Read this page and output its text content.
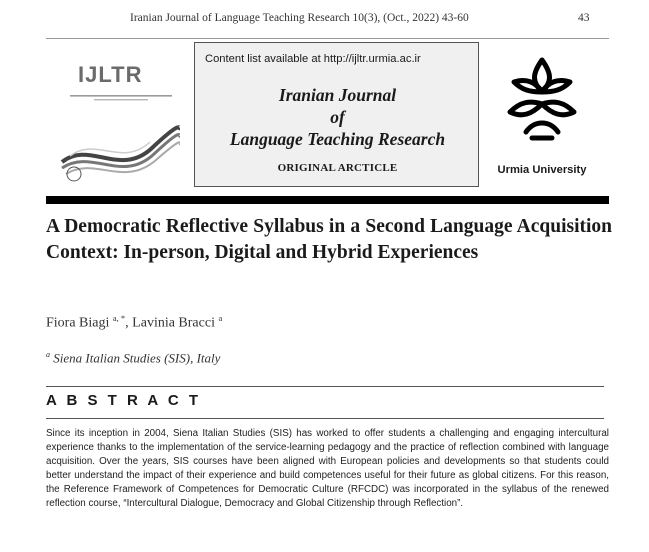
Iranian Journal of Language Teaching Research 10(3), (Oct., 2022) 43-60	43
IJLTR
Content list available at http://ijltr.urmia.ac.ir
Iranian Journal
of
Language Teaching Research
ORIGINAL ARCTICLE	Urmia University
A Democratic Reflective Syllabus in a Second Language Acquisition Context: In-person, Digital and Hybrid Experiences
Fiora Biagi $^{a, *}$, Lavinia Bracci $^a$
$^a$ Siena Italian Studies (SIS), Italy
A B S T R A C T
Since its inception in 2004, Siena Italian Studies (SIS) has worked to offer students a challenging and engaging intercultural experience thanks to the implementation of the service-learning pedagogy and the practice of reflection combined with language acquisition. Over the years, SIS courses have been aligned with European policies and developments so that students could better understand the impact of their experience and build competences useful for their future as global citizens. For this reason, the Reference Framework of Competences for Democratic Culture (RFCDC) was incorporated in the syllabus of the renewed reflection course, “Intercultural Dialogue, Democracy and Global Citizenship through Reflection”.
